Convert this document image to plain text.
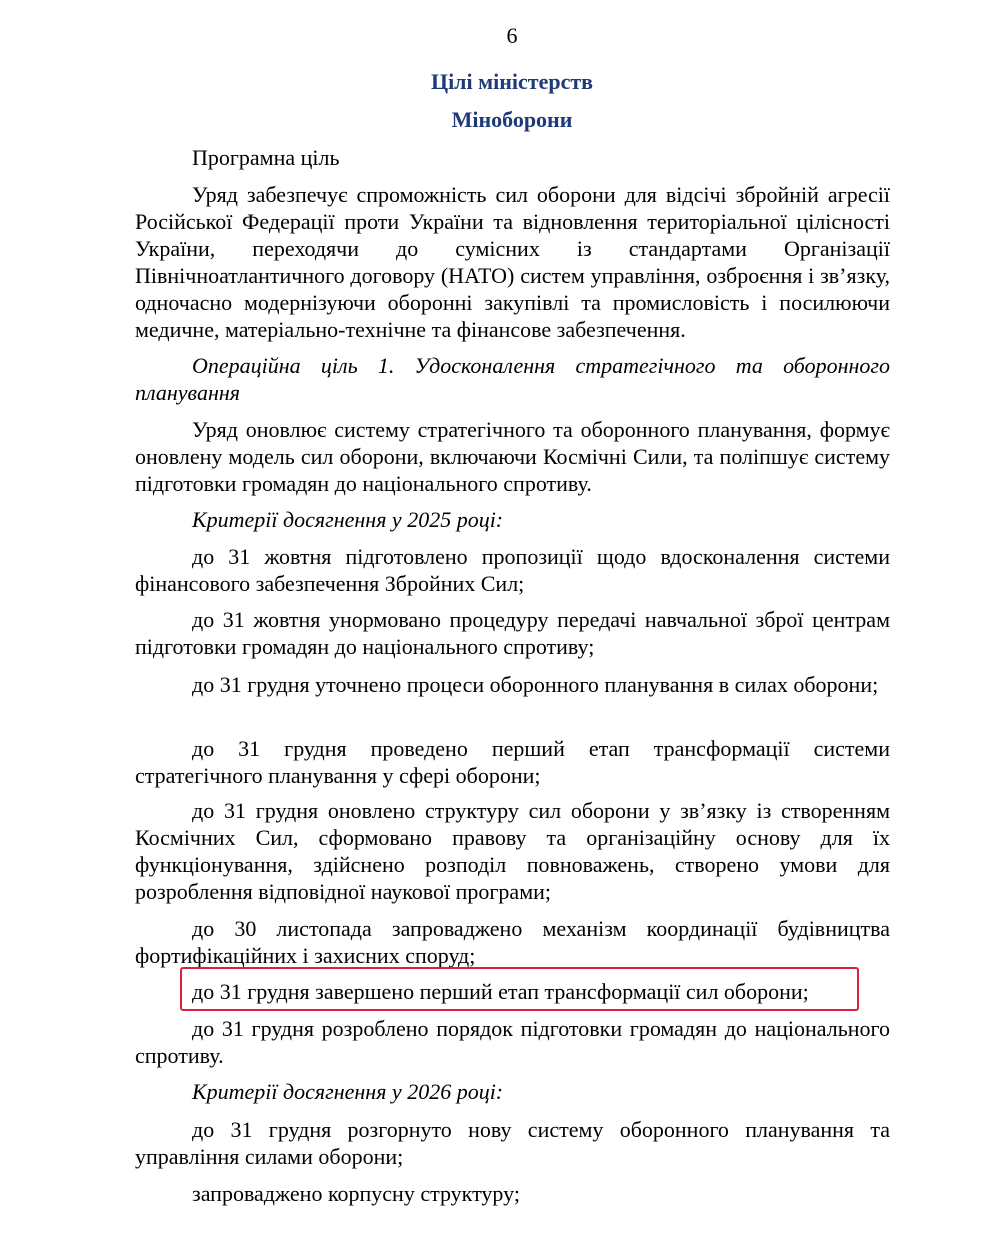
6
Цілі міністерств
Міноборони

Програмна ціль

Уряд забезпечує спроможність сил оборони для відсічі збройній агресії Російської Федерації проти України та відновлення територіальної цілісності України, переходячи до сумісних із стандартами Організації Північноатлантичного договору (НАТО) систем управління, озброєння і зв’язку, одночасно модернізуючи оборонні закупівлі та промисловість і посилюючи медичне, матеріально-технічне та фінансове забезпечення.

Операційна ціль 1. Удосконалення стратегічного та оборонного планування

Уряд оновлює систему стратегічного та оборонного планування, формує оновлену модель сил оборони, включаючи Космічні Сили, та поліпшує систему підготовки громадян до національного спротиву.

Критерії досягнення у 2025 році:

до 31 жовтня підготовлено пропозиції щодо вдосконалення системи фінансового забезпечення Збройних Сил;

до 31 жовтня унормовано процедуру передачі навчальної зброї центрам підготовки громадян до національного спротиву;

до 31 грудня уточнено процеси оборонного планування в силах оборони;

до 31 грудня проведено перший етап трансформації системи стратегічного планування у сфері оборони;

до 31 грудня оновлено структуру сил оборони у зв’язку із створенням Космічних Сил, сформовано правову та організаційну основу для їх функціонування, здійснено розподіл повноважень, створено умови для розроблення відповідної наукової програми;

до 30 листопада запроваджено механізм координації будівництва фортифікаційних і захисних споруд;

до 31 грудня завершено перший етап трансформації сил оборони;

до 31 грудня розроблено порядок підготовки громадян до національного спротиву.

Критерії досягнення у 2026 році:

до 31 грудня розгорнуто нову систему оборонного планування та управління силами оборони;

запроваджено корпусну структуру;
